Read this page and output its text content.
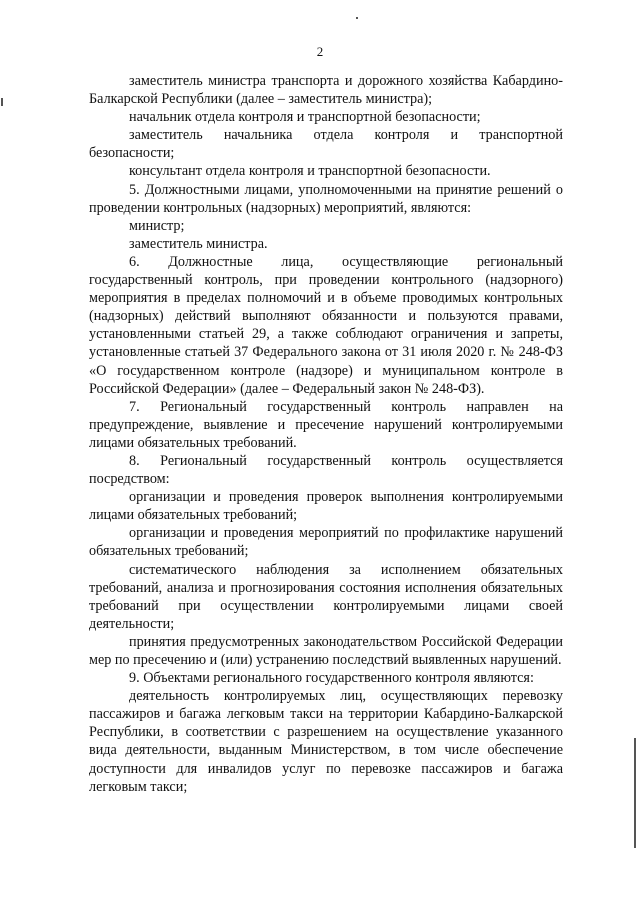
2

заместитель министра транспорта и дорожного хозяйства Кабардино-Балкарской Республики (далее – заместитель министра);

начальник отдела контроля и транспортной безопасности;

заместитель начальника отдела контроля и транспортной безопасности;

консультант отдела контроля и транспортной безопасности.

5. Должностными лицами, уполномоченными на принятие решений о проведении контрольных (надзорных) мероприятий, являются:

министр;

заместитель министра.

6. Должностные лица, осуществляющие региональный государственный контроль, при проведении контрольного (надзорного) мероприятия в пределах полномочий и в объеме проводимых контрольных (надзорных) действий выполняют обязанности и пользуются правами, установленными статьей 29, а также соблюдают ограничения и запреты, установленные статьей 37 Федерального закона от 31 июля 2020 г. № 248-ФЗ «О государственном контроле (надзоре) и муниципальном контроле в Российской Федерации» (далее – Федеральный закон № 248-ФЗ).

7. Региональный государственный контроль направлен на предупреждение, выявление и пресечение нарушений контролируемыми лицами обязательных требований.

8. Региональный государственный контроль осуществляется посредством:

организации и проведения проверок выполнения контролируемыми лицами обязательных требований;

организации и проведения мероприятий по профилактике нарушений обязательных требований;

систематического наблюдения за исполнением обязательных требований, анализа и прогнозирования состояния исполнения обязательных требований при осуществлении контролируемыми лицами своей деятельности;

принятия предусмотренных законодательством Российской Федерации мер по пресечению и (или) устранению последствий выявленных нарушений.

9. Объектами регионального государственного контроля являются:

деятельность контролируемых лиц, осуществляющих перевозку пассажиров и багажа легковым такси на территории Кабардино-Балкарской Республики, в соответствии с разрешением на осуществление указанного вида деятельности, выданным Министерством, в том числе обеспечение доступности для инвалидов услуг по перевозке пассажиров и багажа легковым такси;
